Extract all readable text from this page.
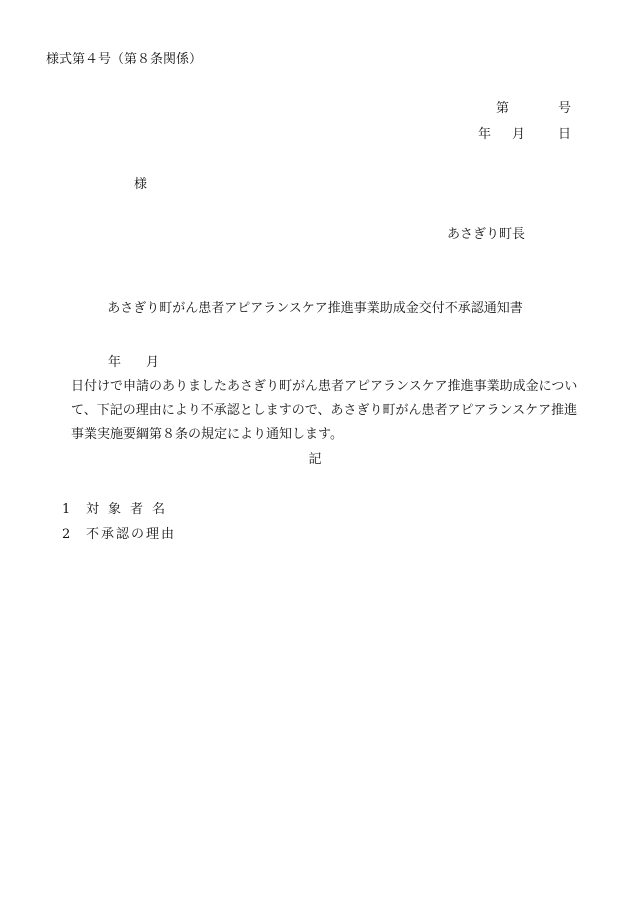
様式第４号（第８条関係）
第	号
年 月	日
様
あさぎり町長
あさぎり町がん患者アピアランスケア推進事業助成金交付不承認通知書
年 月日付けで申請のありましたあさぎり町がん患者アピアランスケア推進事業助成金について、下記の理由により不承認としますので、あさぎり町がん患者アピアランスケア推進事業実施要綱第８条の規定により通知します。
記
1 対象者名
2 不承認の理由
